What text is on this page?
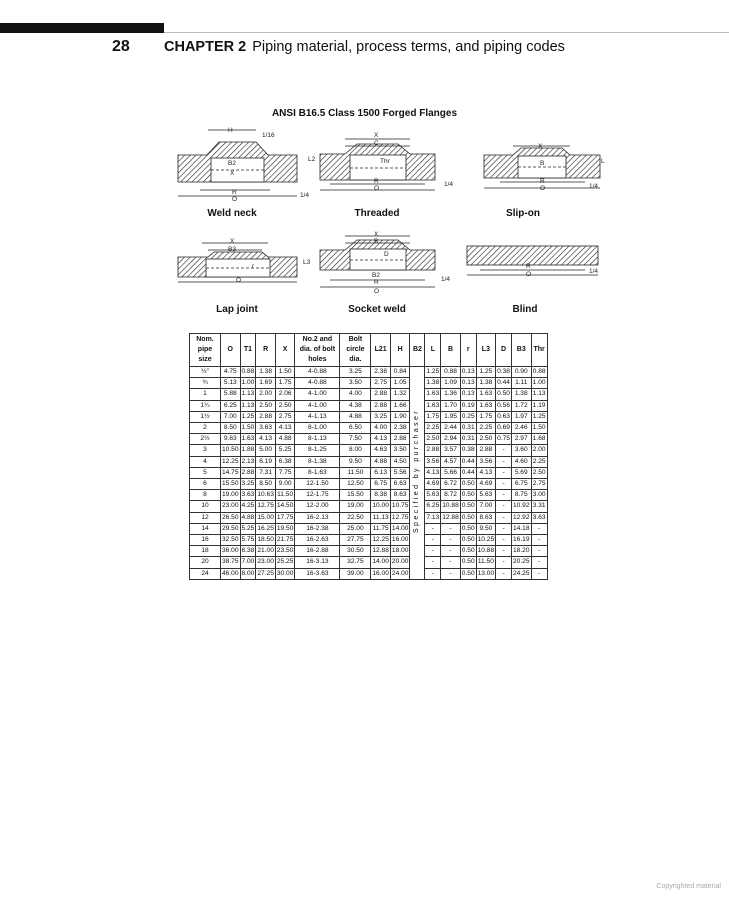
28 CHAPTER 2 Piping material, process terms, and piping codes
ANSI B16.5 Class 1500 Forged Flanges
H
1/16
B2
X
R
O
1/4
X
C
Thr
L2
R
O
1/4
X
B
R
O
L
1/4
X
B3
r
L3
O
X
B
D
B2
R
O
1/4
R
O	1/4
Weld neck	Threaded	Slip-on
Lap joint	Socket weld	Blind
Nom. pipe size	O	T1	R	X	No.2 and dia. of bolt holes	Bolt circle dia.	L21	H	B2	L	B	r	L3	D	B3	Thr
½"	4.75	0.88	1.38	1.50	4-0.88	3.25	2.38	0.84	Specified by purchaser	1.25	0.88	0.13	1.25	0.38	0.90	0.88
¾	5.13	1.00	1.69	1.75	4-0.88	3.50	2.75	1.05		1.38	1.09	0.13	1.38	0.44	1.11	1.00
1	5.88	1.13	2.00	2.06	4-1.00	4.00	2.88	1.32		1.63	1.36	0.13	1.63	0.50	1.38	1.13
1¼	6.25	1.13	2.50	2.50	4-1.00	4.38	2.88	1.66		1.63	1.70	0.19	1.63	0.56	1.72	1.19
1½	7.00	1.25	2.88	2.75	4-1.13	4.88	3.25	1.90		1.75	1.95	0.25	1.75	0.63	1.97	1.25
2	8.50	1.50	3.63	4.13	8-1.00	6.50	4.00	2.38		2.25	2.44	0.31	2.25	0.69	2.46	1.50
2½	9.63	1.63	4.13	4.88	8-1.13	7.50	4.13	2.88		2.50	2.94	0.31	2.50	0.75	2.97	1.68
3	10.50	1.88	5.00	5.25	8-1.25	8.00	4.63	3.50		2.88	3.57	0.38	2.88	-	3.60	2.00
4	12.25	2.13	6.19	6.38	8-1.38	9.50	4.88	4.50		3.56	4.57	0.44	3.56	-	4.60	2.25
5	14.75	2.88	7.31	7.75	8-1.63	11.50	6.13	5.56		4.13	5.66	0.44	4.13	-	5.69	2.50
6	15.50	3.25	8.50	9.00	12-1.50	12.50	6.75	6.63		4.69	6.72	0.50	4.69	-	6.75	2.75
8	19.00	3.63	10.63	11.50	12-1.75	15.50	8.38	8.63		5.63	8.72	0.50	5.63	-	8.75	3.00
10	23.00	4.25	12.75	14.50	12-2.00	19.00	10.00	10.75		6.25	10.88	0.50	7.00	-	10.92	3.31
12	26.50	4.88	15.00	17.75	16-2.13	22.50	11.13	12.75		7.13	12.88	0.50	8.63	-	12.92	3.63
14	29.50	5.25	16.25	19.50	16-2.38	25.00	11.75	14.00		-	-	0.50	9.50	-	14.18	-
16	32.50	5.75	18.50	21.75	16-2.63	27.75	12.25	16.00		-	-	0.50	10.25	-	16.19	-
18	36.00	6.38	21.00	23.50	16-2.88	30.50	12.88	18.00		-	-	0.50	10.88	-	18.20	-
20	38.75	7.00	23.00	25.25	16-3.13	32.75	14.00	20.00		-	-	0.50	11.50	-	20.25	-
24	46.00	8.00	27.25	30.00	16-3.63	39.00	16.00	24.00		-	-	0.50	13.00	-	24.25	-
Copyrighted material
